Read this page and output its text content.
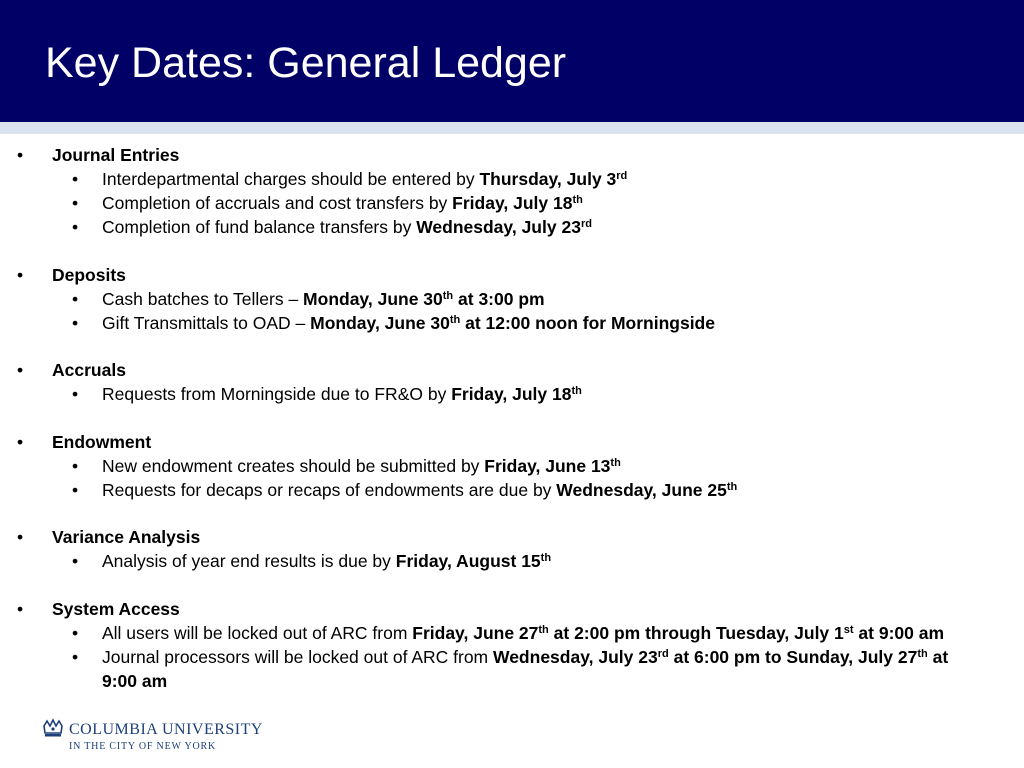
Key Dates: General Ledger
• Journal Entries
• Interdepartmental charges should be entered by Thursday, July 3rd
• Completion of accruals and cost transfers by Friday, July 18th
• Completion of fund balance transfers by Wednesday, July 23rd
• Deposits
• Cash batches to Tellers – Monday, June 30th at 3:00 pm
• Gift Transmittals to OAD – Monday, June 30th at 12:00 noon for Morningside
• Accruals
• Requests from Morningside due to FR&O by Friday, July 18th
• Endowment
• New endowment creates should be submitted by Friday, June 13th
• Requests for decaps or recaps of endowments are due by Wednesday, June 25th
• Variance Analysis
• Analysis of year end results is due by Friday, August 15th
• System Access
• All users will be locked out of ARC from Friday, June 27th at 2:00 pm through Tuesday, July 1st at 9:00 am
• Journal processors will be locked out of ARC from Wednesday, July 23rd at 6:00 pm to Sunday, July 27th at 9:00 am
COLUMBIA UNIVERSITY
IN THE CITY OF NEW YORK
